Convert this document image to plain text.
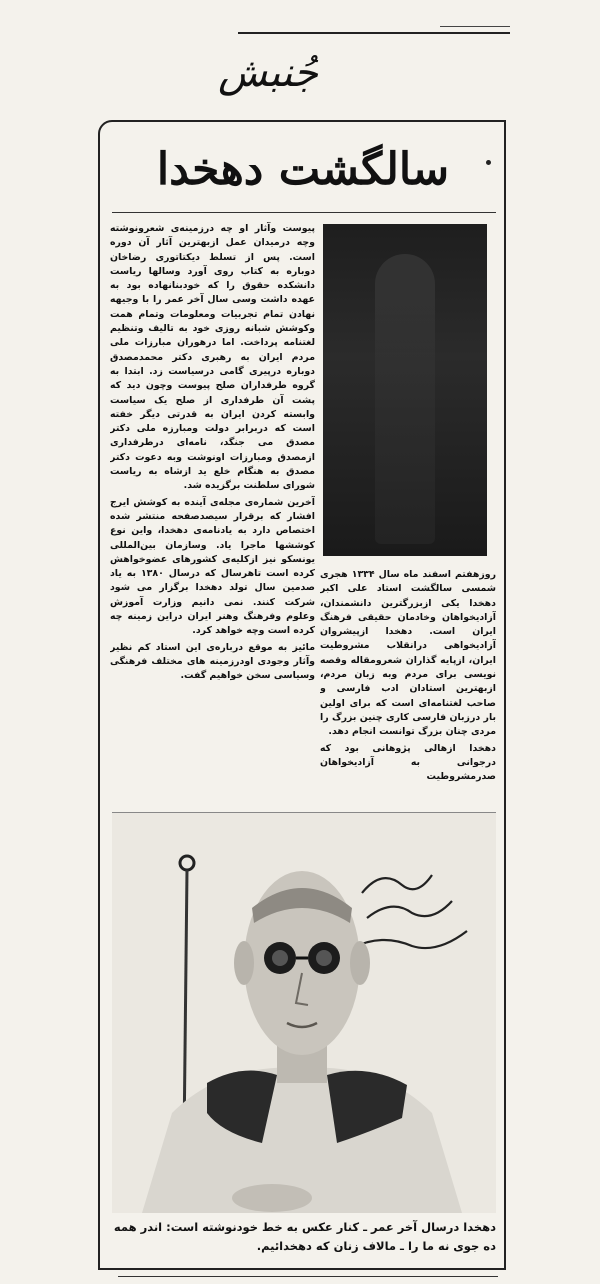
جُنبش
سالگشت دهخدا

پیوست وآثار او چه درزمینه‌ی شعرونوشته وچه درمیدان عمل ازبهترین آثار آن دوره است. پس از تسلط دیکتاتوری رضاخان دوباره به کتاب روی آورد وسالها ریاست دانشکده حقوق را که خودبنانهاده بود به عهده داشت وسی سال آخر عمر را با وجیهه نهادن تمام تجربیات ومعلومات وتمام همت وکوشش شبانه روزی خود به تالیف وتنظیم لغتنامه پرداخت. اما درهوران مبارزات ملی مردم ایران به رهبری دکتر محمدمصدق دوباره درپیری گامی درسیاست زد. ابتدا به گروه طرفداران صلح پیوست وچون دید که پشت آن طرفداری از صلح یک سیاست وابسته کردن ایران به قدرتی دیگر خفته است که دربرابر دولت ومبارزه ملی دکتر مصدق می جنگد، نامه‌ای درطرفداری ازمصدق ومبارزات اونوشت وبه دعوت دکتر مصدق به هنگام خلع ید ازشاه به ریاست شورای سلطنت برگزیده شد.

آخرین شماره‌ی مجله‌ی آینده به کوشش ایرج افشار که برقرار سیصدصفحه منتشر شده اختصاص دارد به یادنامه‌ی دهخدا، واین نوع کوششها ماجرا یاد. وسازمان بین‌المللی یونسکو نیز ازکلیه‌ی کشورهای عضوخواهش کرده است تاهرسال که درسال ۱۳۸۰ به یاد صدمین سال تولد دهخدا برگزار می شود شرکت کنند. نمی دانیم وزارت آموزش وعلوم وفرهنگ وهنر ایران دراین زمینه چه کرده است وچه خواهد کرد.

مائیز به موقع درباره‌ی این استاد کم نظیر وآثار وجودی اودرزمینه های مختلف فرهنگی وسیاسی سخن خواهیم گفت.

روزهفتم اسفند ماه سال ۱۳۳۴ هجری شمسی سالگشت استاد علی اکبر دهخدا یکی ازبزرگترین دانشمندان، آزادیخواهان وخادمان حقیقی فرهنگ ایران است. دهخدا ازپیشروان آزادیخواهی درانقلاب مشروطیت ایران، ازپایه گذاران شعرومقاله وقصه نویسی برای مردم وبه زبان مردم، ازبهترین استادان ادب فارسی و صاحب لغتنامه‌ای است که برای اولین بار درزبان فارسی کاری چنین بزرگ را مردی چنان بزرگ توانست انجام دهد.

دهخدا ازهالی پژوهانی بود که درجوانی به آزادیخواهان صدرمشروطیت

دهخدا درسال آخر عمر ـ کنار عکس به خط خودنوشته است: اندر همه ده جوی نه ما را ـ مالاف زنان که دهخدائیم.
